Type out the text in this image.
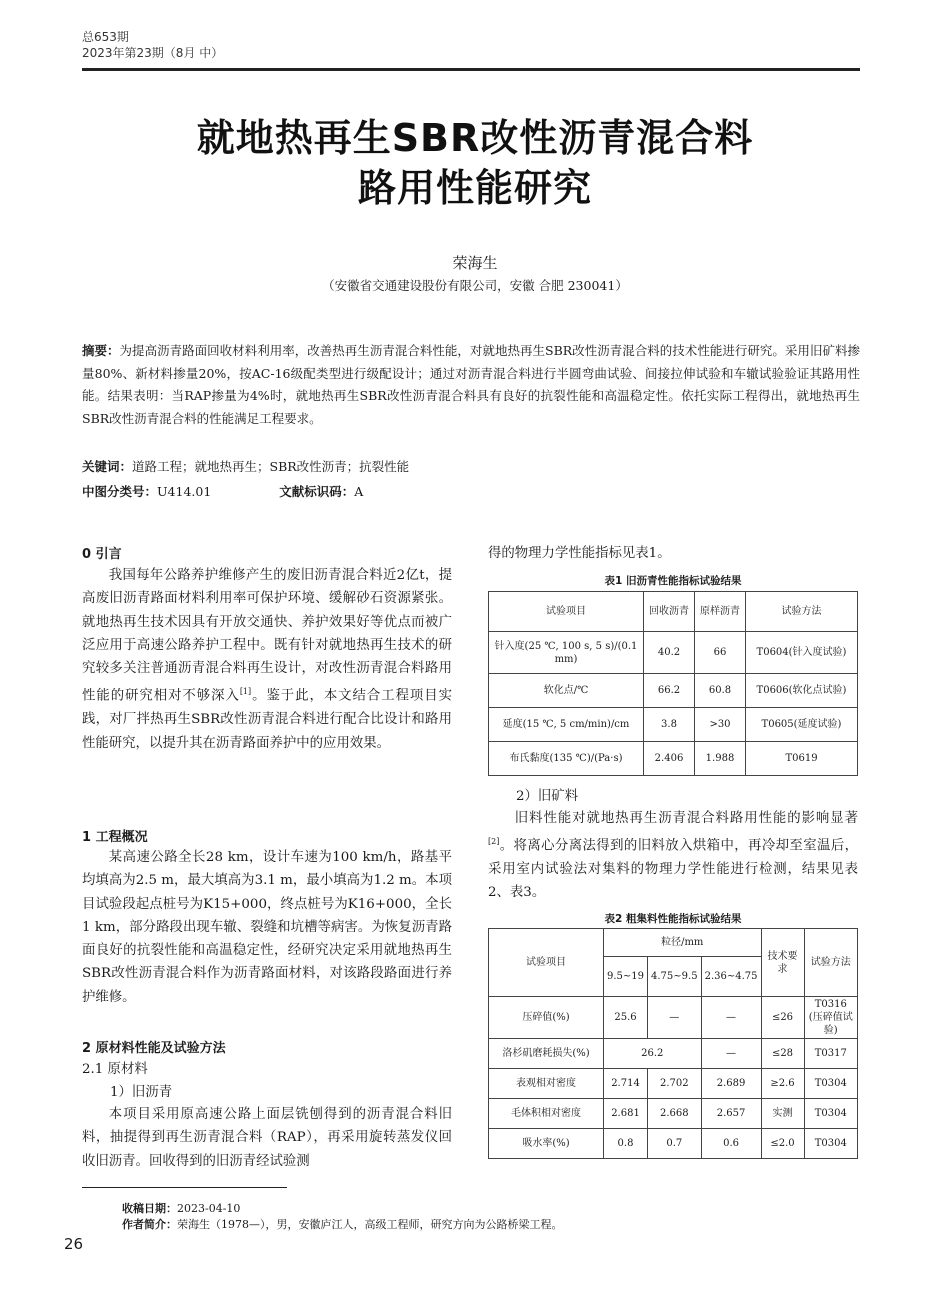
总653期
2023年第23期（8月 中）
就地热再生SBR改性沥青混合料
路用性能研究
荣海生
（安徽省交通建设股份有限公司，安徽 合肥 230041）
摘要：为提高沥青路面回收材料利用率，改善热再生沥青混合料性能，对就地热再生SBR改性沥青混合料的技术性能进行研究。采用旧矿料掺量80%、新材料掺量20%，按AC-16级配类型进行级配设计；通过对沥青混合料进行半圆弯曲试验、间接拉伸试验和车辙试验验证其路用性能。结果表明：当RAP掺量为4%时，就地热再生SBR改性沥青混合料具有良好的抗裂性能和高温稳定性。依托实际工程得出，就地热再生SBR改性沥青混合料的性能满足工程要求。
关键词：道路工程；就地热再生；SBR改性沥青；抗裂性能
中图分类号：U414.01	文献标识码：A
0 引言
我国每年公路养护维修产生的废旧沥青混合料近2亿t，提高废旧沥青路面材料利用率可保护环境、缓解砂石资源紧张。就地热再生技术因具有开放交通快、养护效果好等优点而被广泛应用于高速公路养护工程中。既有针对就地热再生技术的研究较多关注普通沥青混合料再生设计，对改性沥青混合料路用性能的研究相对不够深入[1]。鉴于此，本文结合工程项目实践，对厂拌热再生SBR改性沥青混合料进行配合比设计和路用性能研究，以提升其在沥青路面养护中的应用效果。
1 工程概况
某高速公路全长28 km，设计车速为100 km/h，路基平均填高为2.5 m，最大填高为3.1 m，最小填高为1.2 m。本项目试验段起点桩号为K15+000，终点桩号为K16+000，全长1 km，部分路段出现车辙、裂缝和坑槽等病害。为恢复沥青路面良好的抗裂性能和高温稳定性，经研究决定采用就地热再生SBR改性沥青混合料作为沥青路面材料，对该路段路面进行养护维修。
2 原材料性能及试验方法
2.1 原材料
1）旧沥青
本项目采用原高速公路上面层铣刨得到的沥青混合料旧料，抽提得到再生沥青混合料（RAP），再采用旋转蒸发仪回收旧沥青。回收得到的旧沥青经试验测
得的物理力学性能指标见表1。
表1 旧沥青性能指标试验结果
试验项目	回收沥青	原样沥青	试验方法
针入度(25 ℃, 100 s, 5 s)/(0.1 mm)	40.2	66	T0604(针入度试验)
软化点/℃	66.2	60.8	T0606(软化点试验)
延度(15 ℃, 5 cm/min)/cm	3.8	>30	T0605(延度试验)
布氏黏度(135 ℃)/(Pa·s)	2.406	1.988	T0619
2）旧矿料
旧料性能对就地热再生沥青混合料路用性能的影响显著[2]。将离心分离法得到的旧料放入烘箱中，再冷却至室温后，采用室内试验法对集料的物理力学性能进行检测，结果见表2、表3。
表2 粗集料性能指标试验结果
试验项目	粒径/mm			技术要求	试验方法
	9.5~19	4.75~9.5	2.36~4.75		
压碎值(%)	25.6	—	—	≤26	T0316
(压碎值试验)

洛杉矶磨耗损失(%)	26.2		—	≤28	T0317
表观相对密度	2.714	2.702	2.689	≥2.6	T0304
毛体积相对密度	2.681	2.668	2.657	实测	T0304
吸水率(%)	0.8	0.7	0.6	≤2.0	T0304
收稿日期：2023-04-10
作者简介：荣海生（1978—），男，安徽庐江人，高级工程师，研究方向为公路桥梁工程。
26
